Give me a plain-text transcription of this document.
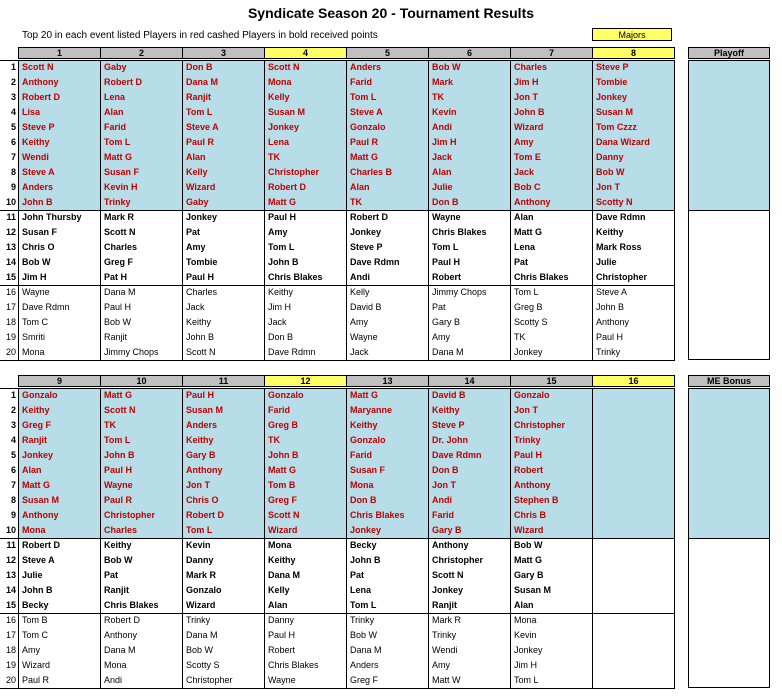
Syndicate Season 20 - Tournament Results
Top 20 in each event listed Players in red cashed Players in bold received points	Majors
1
2
3
4
5
6
7
8
9
10
11
12
13
14
15
16
17
18
19
20
1
Scott N
Anthony
Robert D
Lisa
Steve P
Keithy
Wendi
Steve A
Anders
John B
John Thursby
Susan F
Chris O
Bob W
Jim H
Wayne
Dave Rdmn
Tom C
Smriti
Mona
2
Gaby
Robert D
Lena
Alan
Farid
Tom L
Matt G
Susan F
Kevin H
Trinky
Mark R
Scott N
Charles
Greg F
Pat H
Dana M
Paul H
Bob W
Ranjit
Jimmy Chops
3
Don B
Dana M
Ranjit
Tom L
Steve A
Paul R
Alan
Kelly
Wizard
Gaby
Jonkey
Pat
Amy
Tombie
Paul H
Charles
Jack
Keithy
John B
Scott N
4
Scott N
Mona
Kelly
Susan M
Jonkey
Lena
TK
Christopher
Robert D
Matt G
Paul H
Amy
Tom L
John B
Chris Blakes
Keithy
Jim H
Jack
Don B
Dave Rdmn
5
Anders
Farid
Tom L
Steve A
Gonzalo
Paul R
Matt G
Charles B
Alan
TK
Robert D
Jonkey
Steve P
Dave Rdmn
Andi
Kelly
David B
Amy
Wayne
Jack
6
Bob W
Mark
TK
Kevin
Andi
Jim H
Jack
Alan
Julie
Don B
Wayne
Chris Blakes
Tom L
Paul H
Robert
Jimmy Chops
Pat
Gary B
Amy
Dana M
7
Charles
Jim H
Jon T
John B
Wizard
Amy
Tom E
Jack
Bob C
Anthony
Alan
Matt G
Lena
Pat
Chris Blakes
Tom L
Greg B
Scotty S
TK
Jonkey
8
Steve P
Tombie
Jonkey
Susan M
Tom Czzz
Dana Wizard
Danny
Bob W
Jon T
Scotty N
Dave Rdmn
Keithy
Mark Ross
Julie
Christopher
Steve A
John B
Anthony
Paul H
Trinky
Playoff
1
2
3
4
5
6
7
8
9
10
11
12
13
14
15
16
17
18
19
20
9
Gonzalo
Keithy
Greg F
Ranjit
Jonkey
Alan
Matt G
Susan M
Anthony
Mona
Robert D
Steve A
Julie
John B
Becky
Tom B
Tom C
Amy
Wizard
Paul R
10
Matt G
Scott N
TK
Tom L
John B
Paul H
Wayne
Paul R
Christopher
Charles
Keithy
Bob W
Pat
Ranjit
Chris Blakes
Robert D
Anthony
Dana M
Mona
Andi
11
Paul H
Susan M
Anders
Keithy
Gary B
Anthony
Jon T
Chris O
Robert D
Tom L
Kevin
Danny
Mark R
Gonzalo
Wizard
Trinky
Dana M
Bob W
Scotty S
Christopher
12
Gonzalo
Farid
Greg B
TK
John B
Matt G
Tom B
Greg F
Scott N
Wizard
Mona
Keithy
Dana M
Kelly
Alan
Danny
Paul H
Robert
Chris Blakes
Wayne
13
Matt G
Maryanne
Keithy
Gonzalo
Farid
Susan F
Mona
Don B
Chris Blakes
Jonkey
Becky
John B
Pat
Lena
Tom L
Trinky
Bob W
Dana M
Anders
Greg F
14
David B
Keithy
Steve P
Dr. John
Dave Rdmn
Don B
Jon T
Andi
Farid
Gary B
Anthony
Christopher
Scott N
Jonkey
Ranjit
Mark R
Trinky
Wendi
Amy
Matt W
15
Gonzalo
Jon T
Christopher
Trinky
Paul H
Robert
Anthony
Stephen B
Chris B
Wizard
Bob W
Matt G
Gary B
Susan M
Alan
Mona
Kevin
Jonkey
Jim H
Tom L
16	ME Bonus
